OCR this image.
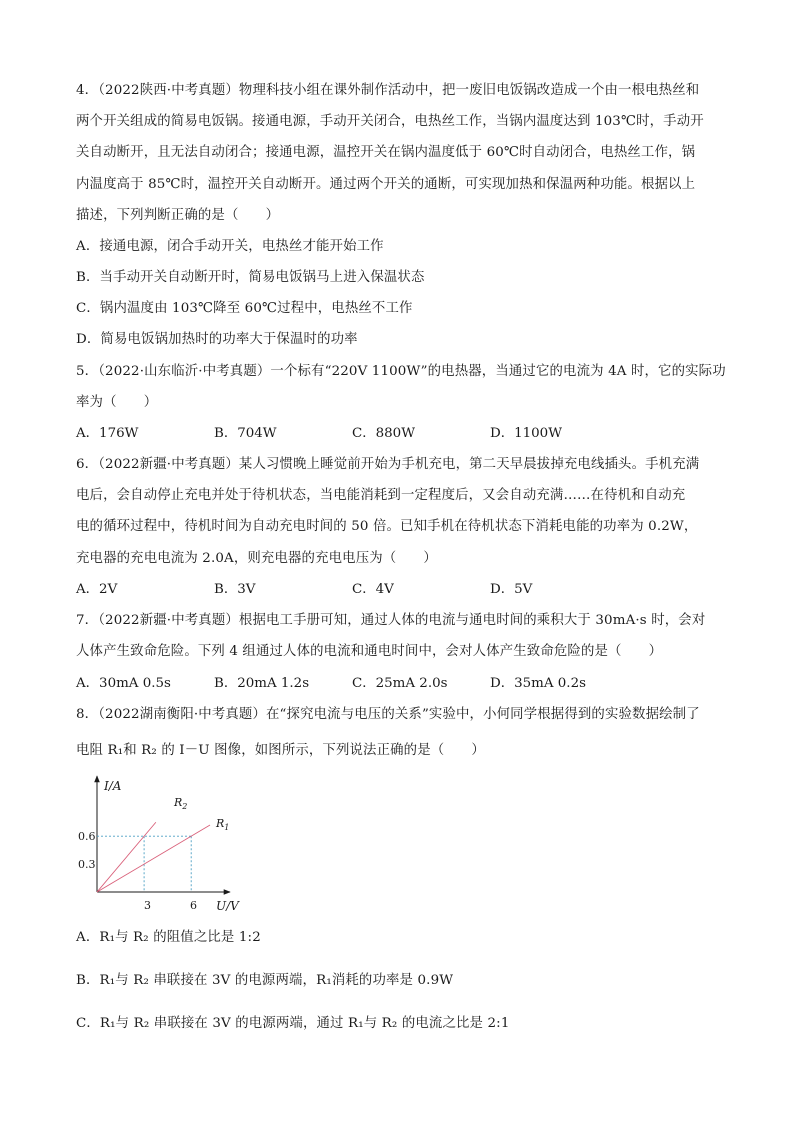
4．（2022陕西·中考真题）物理科技小组在课外制作活动中，把一废旧电饭锅改造成一个由一根电热丝和
两个开关组成的简易电饭锅。接通电源，手动开关闭合，电热丝工作，当锅内温度达到 103℃时，手动开
关自动断开，且无法自动闭合；接通电源，温控开关在锅内温度低于 60℃时自动闭合，电热丝工作，锅
内温度高于 85℃时，温控开关自动断开。通过两个开关的通断，可实现加热和保温两种功能。根据以上
描述，下列判断正确的是（　　）
A．接通电源，闭合手动开关，电热丝才能开始工作
B．当手动开关自动断开时，简易电饭锅马上进入保温状态
C．锅内温度由 103℃降至 60℃过程中，电热丝不工作
D．简易电饭锅加热时的功率大于保温时的功率
5．（2022·山东临沂·中考真题）一个标有“220V 1100W”的电热器，当通过它的电流为 4A 时，它的实际功
率为（　　）
A．176W	B．704W	C．880W	D．1100W
6．（2022新疆·中考真题）某人习惯晚上睡觉前开始为手机充电，第二天早晨拔掉充电线插头。手机充满
电后，会自动停止充电并处于待机状态，当电能消耗到一定程度后，又会自动充满……在待机和自动充
电的循环过程中，待机时间为自动充电时间的 50 倍。已知手机在待机状态下消耗电能的功率为 0.2W，
充电器的充电电流为 2.0A，则充电器的充电电压为（　　）
A．2V	B．3V	C．4V	D．5V
7．（2022新疆·中考真题）根据电工手册可知，通过人体的电流与通电时间的乘积大于 30mA·s 时，会对
人体产生致命危险。下列 4 组通过人体的电流和通电时间中，会对人体产生致命危险的是（　　）
A．30mA 0.5s	B．20mA 1.2s	C．25mA 2.0s	D．35mA 0.2s
8．（2022湖南衡阳·中考真题）在“探究电流与电压的关系”实验中，小何同学根据得到的实验数据绘制了
电阻 R₁和 R₂ 的 I－U 图像，如图所示，下列说法正确的是（　　）
I/A
U/V
0.3
0.6
3	6
$R_2$
$R_1$
A．R₁与 R₂ 的阻值之比是 1:2
B．R₁与 R₂ 串联接在 3V 的电源两端，R₁消耗的功率是 0.9W
C．R₁与 R₂ 串联接在 3V 的电源两端，通过 R₁与 R₂ 的电流之比是 2:1
